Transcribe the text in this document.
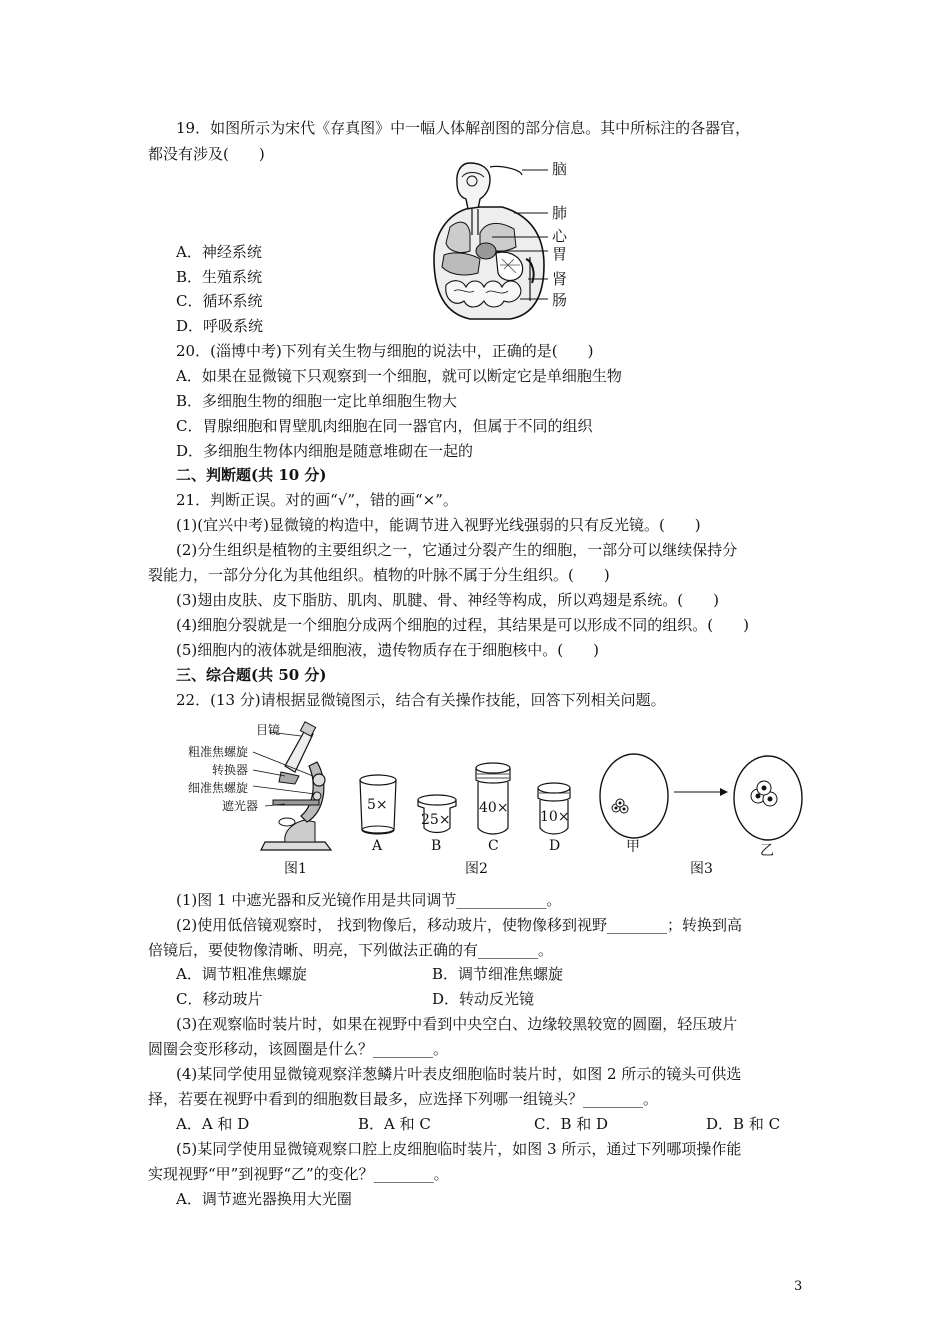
19．如图所示为宋代《存真图》中一幅人体解剖图的部分信息。其中所标注的各器官，
都没有涉及(　　)
脑
肺
心
胃
肾
肠
A．神经系统
B．生殖系统
C．循环系统
D．呼吸系统
20．(淄博中考)下列有关生物与细胞的说法中，正确的是(　　)
A．如果在显微镜下只观察到一个细胞，就可以断定它是单细胞生物
B．多细胞生物的细胞一定比单细胞生物大
C．胃腺细胞和胃壁肌肉细胞在同一器官内，但属于不同的组织
D．多细胞生物体内细胞是随意堆砌在一起的
二、判断题(共 10 分)
21．判断正误。对的画“√”，错的画“×”。
(1)(宜兴中考)显微镜的构造中，能调节进入视野光线强弱的只有反光镜。(　　)
(2)分生组织是植物的主要组织之一，它通过分裂产生的细胞，一部分可以继续保持分
裂能力，一部分分化为其他组织。植物的叶脉不属于分生组织。(　　)
(3)翅由皮肤、皮下脂肪、肌肉、肌腱、骨、神经等构成，所以鸡翅是系统。(　　)
(4)细胞分裂就是一个细胞分成两个细胞的过程，其结果是可以形成不同的组织。(　　)
(5)细胞内的液体就是细胞液，遗传物质存在于细胞核中。(　　)
三、综合题(共 50 分)
22．(13 分)请根据显微镜图示，结合有关操作技能，回答下列相关问题。
目镜
粗准焦螺旋
转换器
细准焦螺旋
遮光器
图1
5×
A
25×
B
40×
C
10×
D
图2
甲	乙
图3
(1)图 1 中遮光器和反光镜作用是共同调节____________。
(2)使用低倍镜观察时， 找到物像后，移动玻片，使物像移到视野________；转换到高
倍镜后，要使物像清晰、明亮，下列做法正确的有________。
A．调节粗准焦螺旋	B．调节细准焦螺旋
C．移动玻片	D．转动反光镜
(3)在观察临时装片时，如果在视野中看到中央空白、边缘较黑较宽的圆圈，轻压玻片
圆圈会变形移动，该圆圈是什么？________。
(4)某同学使用显微镜观察洋葱鳞片叶表皮细胞临时装片时，如图 2 所示的镜头可供选
择，若要在视野中看到的细胞数目最多，应选择下列哪一组镜头？________。
A．A 和 D	B．A 和 C	C．B 和 D	D．B 和 C
(5)某同学使用显微镜观察口腔上皮细胞临时装片，如图 3 所示，通过下列哪项操作能
实现视野“甲”到视野“乙”的变化？________。
A．调节遮光器换用大光圈
3
